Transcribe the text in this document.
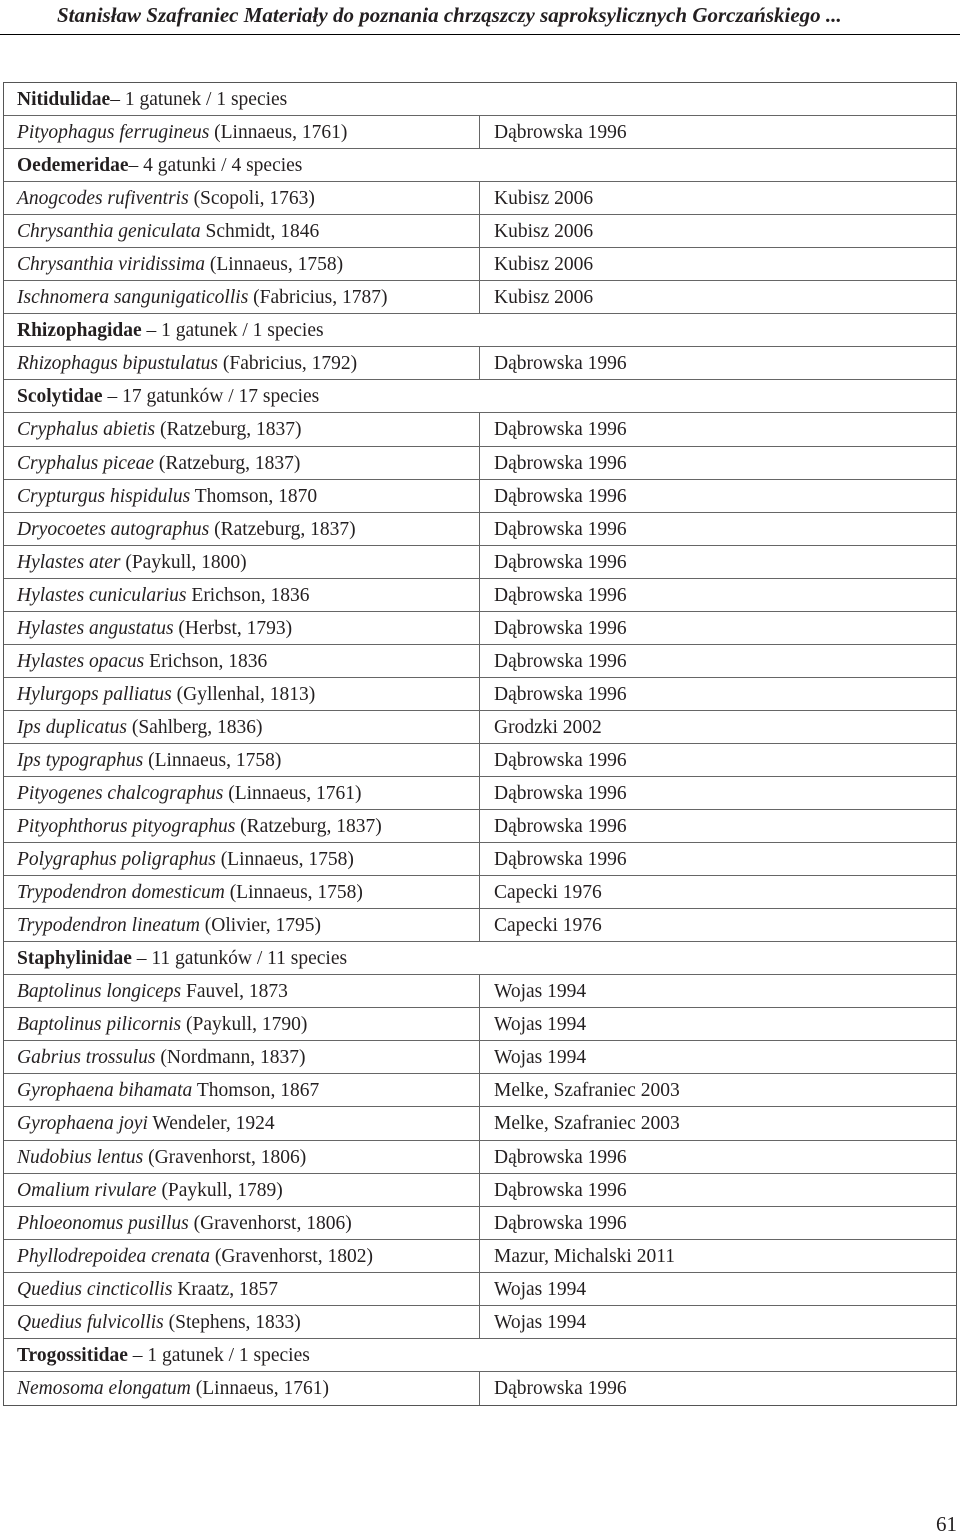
Stanisław Szafraniec Materiały do poznania chrząszczy saproksylicznych Gorczańskiego ...
Nitidulidae– 1 gatunek / 1 species
Pityophagus ferrugineus (Linnaeus, 1761)	Dąbrowska 1996
Oedemeridae– 4 gatunki / 4 species
Anogcodes rufiventris (Scopoli, 1763)	Kubisz 2006
Chrysanthia geniculata Schmidt, 1846	Kubisz 2006
Chrysanthia viridissima (Linnaeus, 1758)	Kubisz 2006
Ischnomera sangunigaticollis (Fabricius, 1787)	Kubisz 2006
Rhizophagidae – 1 gatunek / 1 species
Rhizophagus bipustulatus (Fabricius, 1792)	Dąbrowska 1996
Scolytidae – 17 gatunków / 17 species
Cryphalus abietis (Ratzeburg, 1837)	Dąbrowska 1996
Cryphalus piceae (Ratzeburg, 1837)	Dąbrowska 1996
Crypturgus hispidulus Thomson, 1870	Dąbrowska 1996
Dryocoetes autographus (Ratzeburg, 1837)	Dąbrowska 1996
Hylastes ater (Paykull, 1800)	Dąbrowska 1996
Hylastes cunicularius Erichson, 1836	Dąbrowska 1996
Hylastes angustatus (Herbst, 1793)	Dąbrowska 1996
Hylastes opacus Erichson, 1836	Dąbrowska 1996
Hylurgops palliatus (Gyllenhal, 1813)	Dąbrowska 1996
Ips duplicatus (Sahlberg, 1836)	Grodzki 2002
Ips typographus (Linnaeus, 1758)	Dąbrowska 1996
Pityogenes chalcographus (Linnaeus, 1761)	Dąbrowska 1996
Pityophthorus pityographus (Ratzeburg, 1837)	Dąbrowska 1996
Polygraphus poligraphus (Linnaeus, 1758)	Dąbrowska 1996
Trypodendron domesticum (Linnaeus, 1758)	Capecki 1976
Trypodendron lineatum (Olivier, 1795)	Capecki 1976
Staphylinidae – 11 gatunków / 11 species
Baptolinus longiceps Fauvel, 1873	Wojas 1994
Baptolinus pilicornis (Paykull, 1790)	Wojas 1994
Gabrius trossulus (Nordmann, 1837)	Wojas 1994
Gyrophaena bihamata Thomson, 1867	Melke, Szafraniec 2003
Gyrophaena joyi Wendeler, 1924	Melke, Szafraniec 2003
Nudobius lentus (Gravenhorst, 1806)	Dąbrowska 1996
Omalium rivulare (Paykull, 1789)	Dąbrowska 1996
Phloeonomus pusillus (Gravenhorst, 1806)	Dąbrowska 1996
Phyllodrepoidea crenata (Gravenhorst, 1802)	Mazur, Michalski 2011
Quedius cincticollis Kraatz, 1857	Wojas 1994
Quedius fulvicollis (Stephens, 1833)	Wojas 1994
Trogossitidae – 1 gatunek / 1 species
Nemosoma elongatum (Linnaeus, 1761)	Dąbrowska 1996
61
